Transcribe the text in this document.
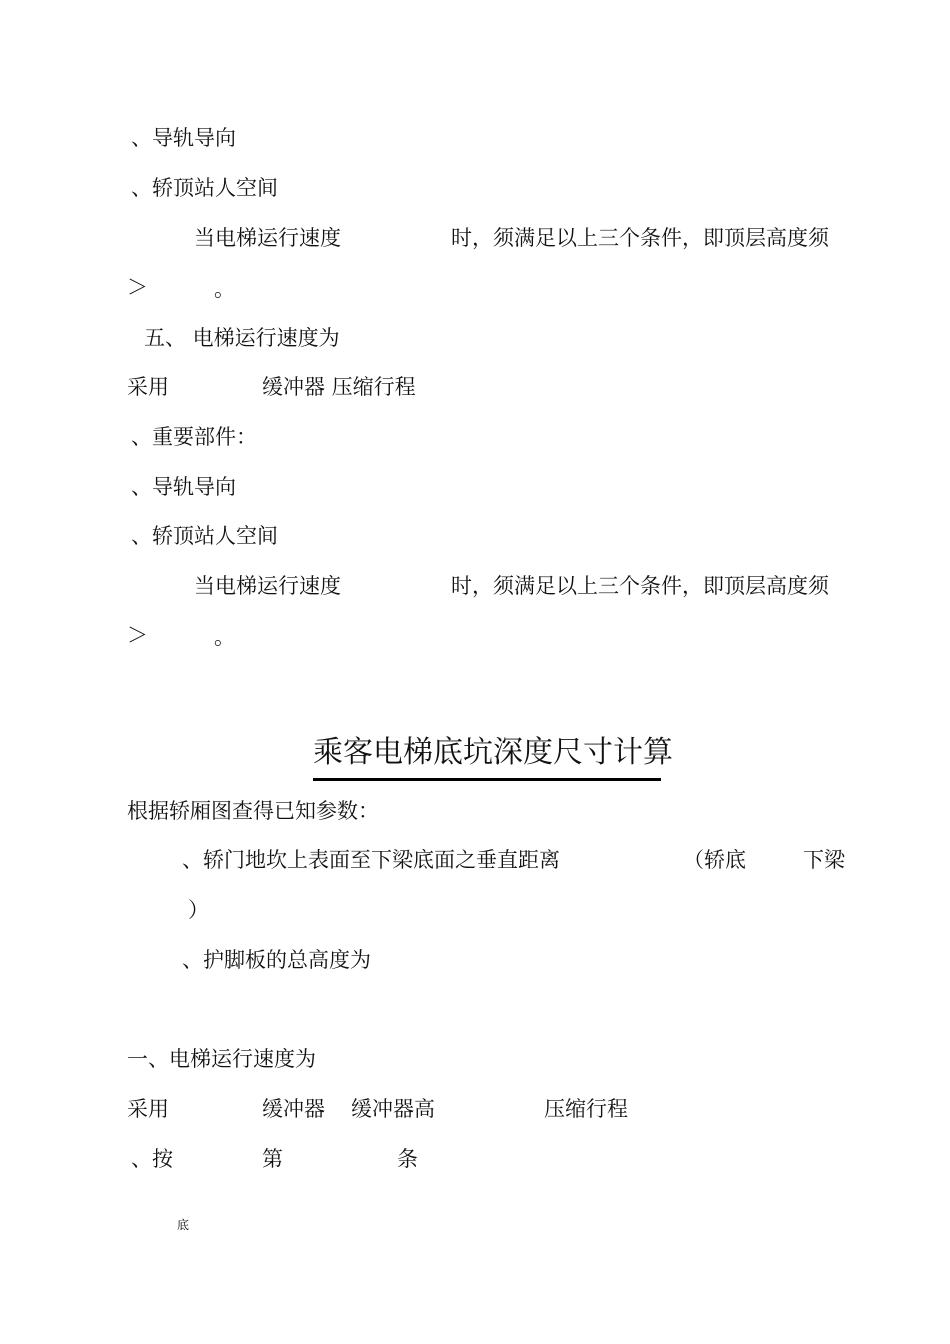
、导轨导向
、轿顶站人空间
当电梯运行速度	时，须满足以上三个条件，即顶层高度须
＞	。
五、 电梯运行速度为
采用	缓冲器 压缩行程
、重要部件：
、导轨导向
、轿顶站人空间
当电梯运行速度	时，须满足以上三个条件，即顶层高度须
＞	。
乘客电梯底坑深度尺寸计算
根据轿厢图查得已知参数：
、轿门地坎上表面至下梁底面之垂直距离	（轿底	下梁
）
、护脚板的总高度为
一、电梯运行速度为
采用	缓冲器 缓冲器高	压缩行程
、按	第	条
底
